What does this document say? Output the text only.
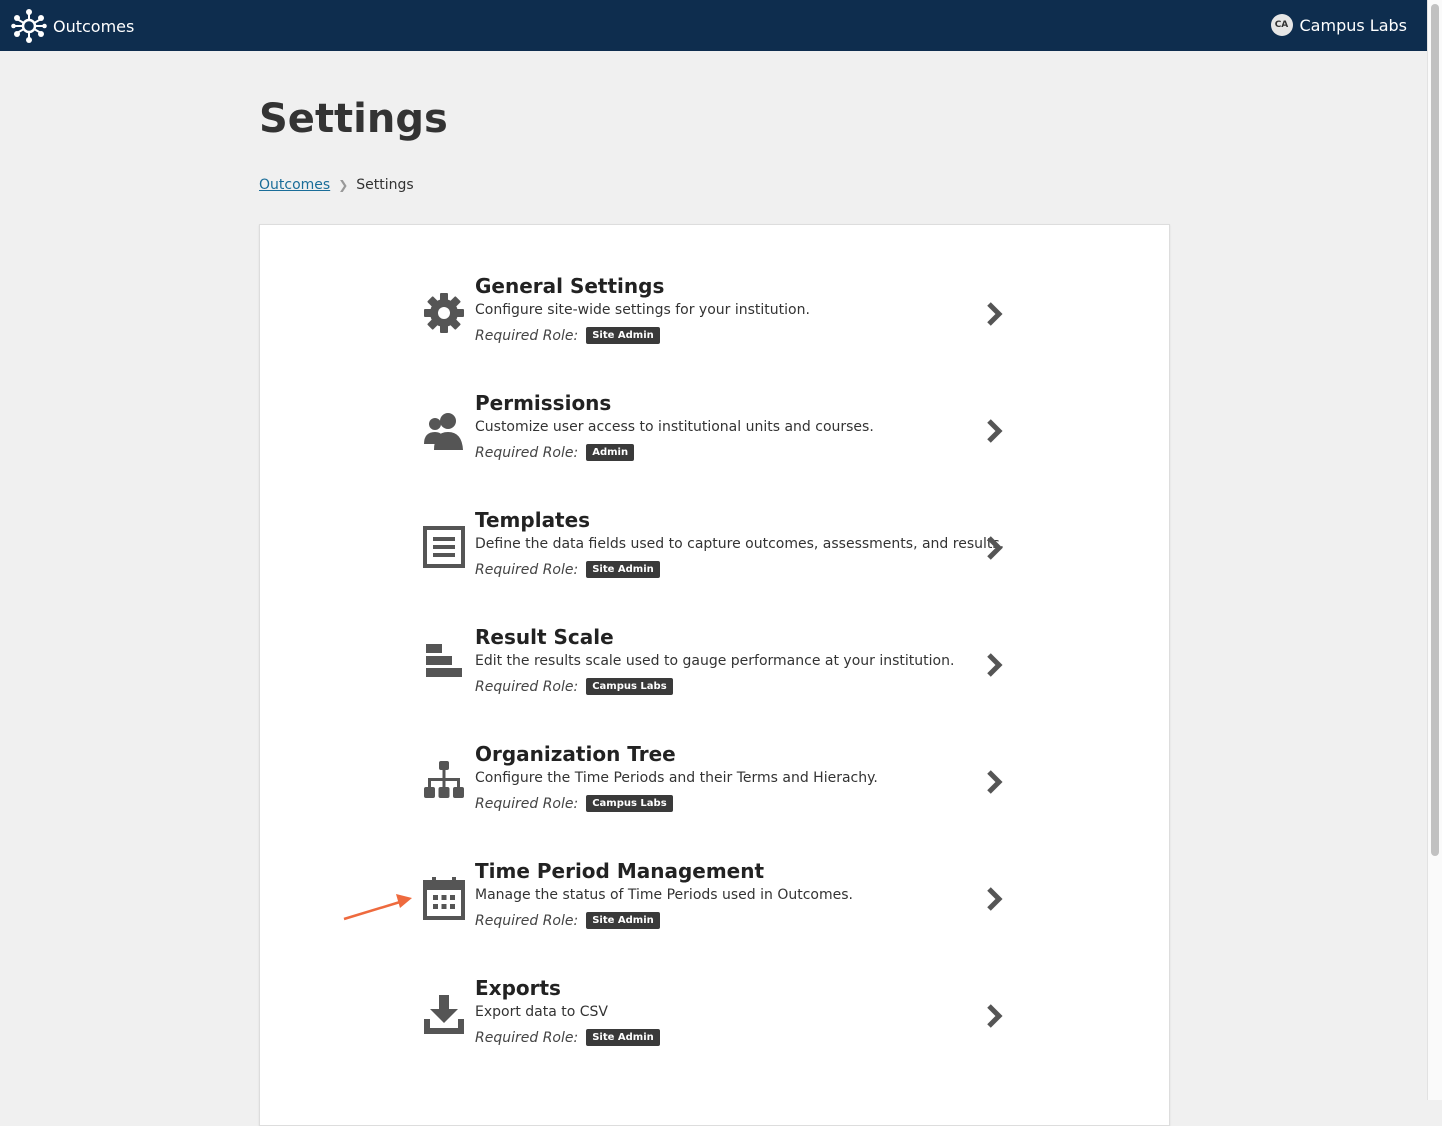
Outcomes	CA Campus Labs
Settings
Outcomes ❯ Settings
General Settings
Configure site-wide settings for your institution.
Required Role:	Site Admin
Permissions
Customize user access to institutional units and courses.
Required Role:	Admin
Templates
Define the data fields used to capture outcomes, assessments, and results.
Required Role:	Site Admin
Result Scale
Edit the results scale used to gauge performance at your institution.
Required Role:	Campus Labs
Organization Tree
Configure the Time Periods and their Terms and Hierachy.
Required Role:	Campus Labs
Time Period Management
Manage the status of Time Periods used in Outcomes.
Required Role:	Site Admin
Exports
Export data to CSV
Required Role:	Site Admin
